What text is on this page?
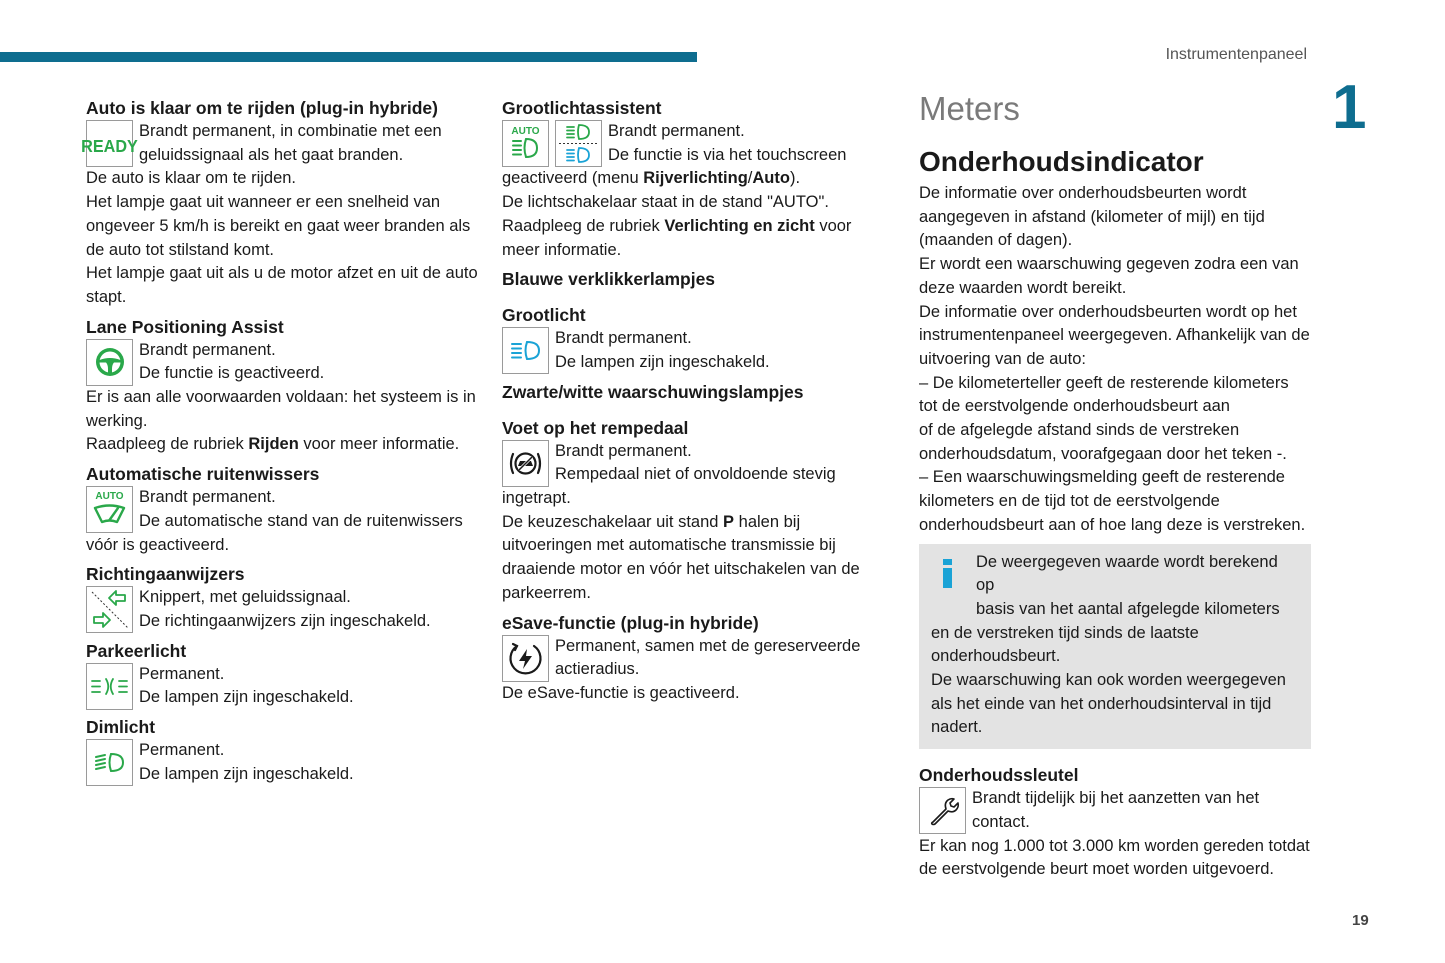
Instrumentenpaneel
1
19
Auto is klaar om te rijden (plug-in hybride)
READY

Brandt permanent, in combinatie met een

geluidssignaal als het gaat branden.

De auto is klaar om te rijden.

Het lampje gaat uit wanneer er een snelheid van ongeveer 5 km/h is bereikt en gaat weer branden als de auto tot stilstand komt.

Het lampje gaat uit als u de motor afzet en uit de auto stapt.

Lane Positioning Assist

Brandt permanent.

De functie is geactiveerd.

Er is aan alle voorwaarden voldaan: het systeem is in werking.

Raadpleeg de rubriek Rijden voor meer informatie.

Automatische ruitenwissers
AUTO Brandt permanent.

De automatische stand van de ruitenwissers

vóór is geactiveerd.

Richtingaanwijzers

Knippert, met geluidssignaal.

De richtingaanwijzers zijn ingeschakeld.

Parkeerlicht

Permanent.

De lampen zijn ingeschakeld.

Dimlicht

Permanent.

De lampen zijn ingeschakeld.

Grootlichtassistent
AUTO	Brandt permanent.

De functie is via het touchscreen

geactiveerd (menu Rijverlichting/Auto).

De lichtschakelaar staat in de stand "AUTO".

Raadpleeg de rubriek Verlichting en zicht voor meer informatie.

Blauwe verklikkerlampjes
Grootlicht

Brandt permanent.

De lampen zijn ingeschakeld.

Zwarte/witte waarschuwingslampjes
Voet op het rempedaal

Brandt permanent.

Rempedaal niet of onvoldoende stevig

ingetrapt.

De keuzeschakelaar uit stand P halen bij uitvoeringen met automatische transmissie bij draaiende motor en vóór het uitschakelen van de parkeerrem.

eSave-functie (plug-in hybride)

Permanent, samen met de gereserveerde

actieradius.

De eSave-functie is geactiveerd.

Meters

Onderhoudsindicator

De informatie over onderhoudsbeurten wordt aangegeven in afstand (kilometer of mijl) en tijd (maanden of dagen).

Er wordt een waarschuwing gegeven zodra een van deze waarden wordt bereikt.

De informatie over onderhoudsbeurten wordt op het instrumentenpaneel weergegeven. Afhankelijk van de uitvoering van de auto:

– De kilometerteller geeft de resterende kilometers tot de eerstvolgende onderhoudsbeurt aan

of de afgelegde afstand sinds de verstreken onderhoudsdatum, voorafgegaan door het teken -.

– Een waarschuwingsmelding geeft de resterende kilometers en de tijd tot de eerstvolgende onderhoudsbeurt aan of hoe lang deze is verstreken.

De weergegeven waarde wordt berekend op

basis van het aantal afgelegde kilometers

en de verstreken tijd sinds de laatste onderhoudsbeurt.

De waarschuwing kan ook worden weergegeven als het einde van het onderhoudsinterval in tijd nadert.

Onderhoudssleutel

Brandt tijdelijk bij het aanzetten van het

contact.

Er kan nog 1.000 tot 3.000 km worden gereden totdat de eerstvolgende beurt moet worden uitgevoerd.
